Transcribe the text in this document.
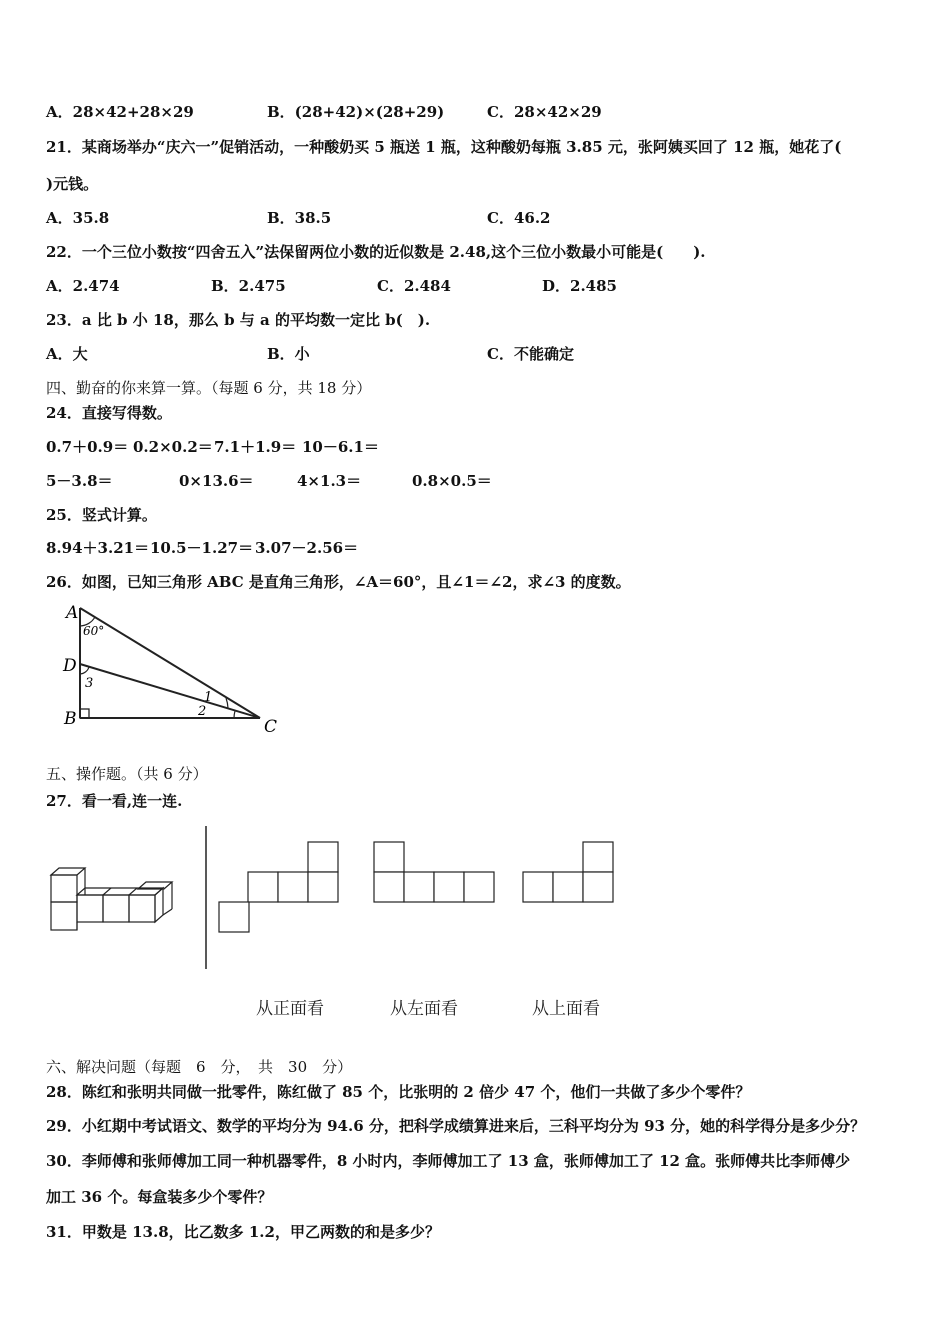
A．28×42+28×29	B．(28+42)×(28+29)	C．28×42×29
21．某商场举办“庆六一”促销活动，一种酸奶买 5 瓶送 1 瓶，这种酸奶每瓶 3.85 元，张阿姨买回了 12 瓶，她花了(
)元钱。
A．35.8	B．38.5	C．46.2
22．一个三位小数按“四舍五入”法保留两位小数的近似数是 2.48,这个三位小数最小可能是(　　).
A．2.474	B．2.475	C．2.484	D．2.485
23．a 比 b 小 18，那么 b 与 a 的平均数一定比 b(　).
A．大	B．小	C．不能确定
四、勤奋的你来算一算。（每题 6 分，共 18 分）
24．直接写得数。
0.7＋0.9＝ 0.2×0.2＝ 7.1＋1.9＝ 10－6.1＝
5－3.8＝	0×13.6＝	4×1.3＝	0.8×0.5＝
25．竖式计算。
8.94＋3.21＝ 10.5－1.27＝ 3.07－2.56＝
26．如图，已知三角形 ABC 是直角三角形，∠A＝60°，且∠1＝∠2，求∠3 的度数。
A
D
B	C
60°
3
1
2
五、操作题。（共 6 分）
27．看一看,连一连.
从正面看	从左面看	从上面看
六、解决问题（每题　6　分，　共　30　分）
28．陈红和张明共同做一批零件，陈红做了 85 个，比张明的 2 倍少 47 个，他们一共做了多少个零件？
29．小红期中考试语文、数学的平均分为 94.6 分，把科学成绩算进来后，三科平均分为 93 分，她的科学得分是多少分？
30．李师傅和张师傅加工同一种机器零件，8 小时内，李师傅加工了 13 盒，张师傅加工了 12 盒。张师傅共比李师傅少
加工 36 个。每盒装多少个零件？
31．甲数是 13.8，比乙数多 1.2，甲乙两数的和是多少？
